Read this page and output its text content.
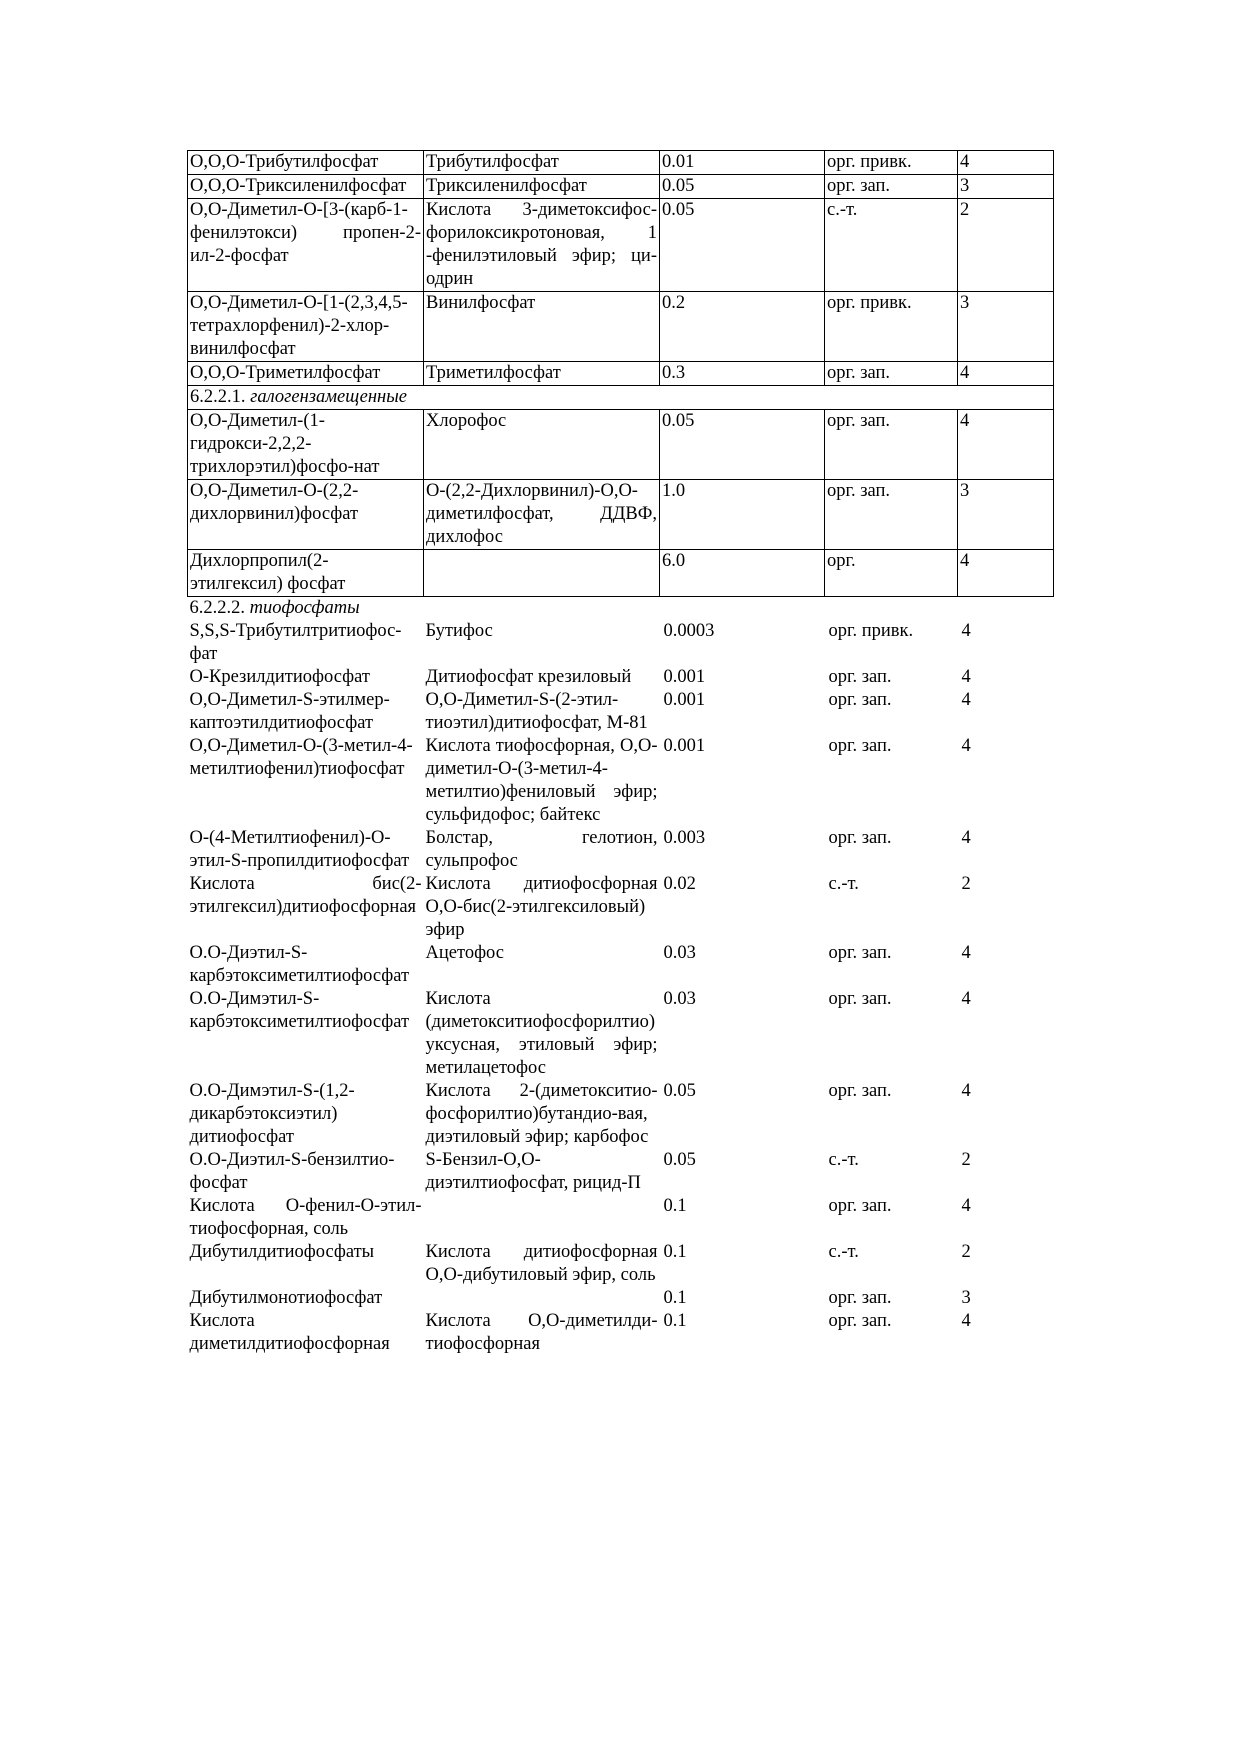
О,О,О-Трибутилфосфат	Трибутилфосфат	0.01	орг. привк.	4
О,О,О-Триксиленилфосфат	Триксиленилфосфат	0.05	орг. зап.	3
О,О-Диметил-О-[3-(карб-1-фенилэтокси) пропен-2- ил-2-фосфат	Кислота 3-диметоксифос-форилоксикротоновая, 1 -фенилэтиловый эфир; ци-одрин	0.05	с.-т.	2
О,О-Диметил-О-[1-(2,3,4,5-тетрахлорфенил)-2-хлор-винилфосфат	Винилфосфат	0.2	орг. привк.	3
О,О,О-Триметилфосфат	Триметилфосфат	0.3	орг. зап.	4
6.2.2.1. галогензамещенные				
О,О-Диметил-(1-гидрокси-2,2,2-трихлорэтил)фосфо-нат	Хлорофос	0.05	орг. зап.	4
О,О-Диметил-О-(2,2-дихлорвинил)фосфат	О-(2,2-Дихлорвинил)-О,О-диметилфосфат, ДДВФ, дихлофос	1.0	орг. зап.	3
Дихлорпропил(2-этилгексил) фосфат		6.0	орг.	4
6.2.2.2. тиофосфаты				
S,S,S-Трибутилтритиофос-фат	Бутифос	0.0003	орг. привк.	4
О-Крезилдитиофосфат	Дитиофосфат крезиловый	0.001	орг. зап.	4
О,О-Диметил-S-этилмер-каптоэтилдитиофосфат	О,О-Диметил-S-(2-этил-тиоэтил)дитиофосфат, М-81	0.001	орг. зап.	4
О,О-Диметил-О-(3-метил-4-метилтиофенил)тиофосфат	Кислота тиофосфорная, О,О-диметил-О-(3-метил-4-метилтио)фениловый эфир; сульфидофос; байтекс	0.001	орг. зап.	4
О-(4-Метилтиофенил)-О-этил-S-пропилдитиофосфат	Болстар, гелотион, сульпрофос	0.003	орг. зап.	4
Кислота бис(2-этилгексил)дитиофосфорная	Кислота дитиофосфорная О,О-бис(2-этилгексиловый) эфир	0.02	с.-т.	2
О.О-Диэтил-S-карбэтоксиметилтиофосфат	Ацетофос	0.03	орг. зап.	4
О.О-Димэтил-S-карбэтоксиметилтиофосфат	Кислота (диметокситиофосфорилтио)уксусная, этиловый эфир; метилацетофос	0.03	орг. зап.	4
О.О-Димэтил-S-(1,2-дикарбэтоксиэтил) дитиофосфат	Кислота 2-(диметокситио-фосфорилтио)бутандио-вая, диэтиловый эфир; карбофос	0.05	орг. зап.	4
О.О-Диэтил-S-бензилтио-фосфат	S-Бензил-О,О-диэтилтиофосфат, рицид-П	0.05	с.-т.	2
Кислота О-фенил-О-этил-тиофосфорная, соль		0.1	орг. зап.	4
Дибутилдитиофосфаты	Кислота дитиофосфорная О,О-дибутиловый эфир, соль	0.1	с.-т.	2
Дибутилмонотиофосфат		0.1	орг. зап.	3
Кислота диметилдитиофосфорная	Кислота О,О-диметилди-тиофосфорная	0.1	орг. зап.	4
